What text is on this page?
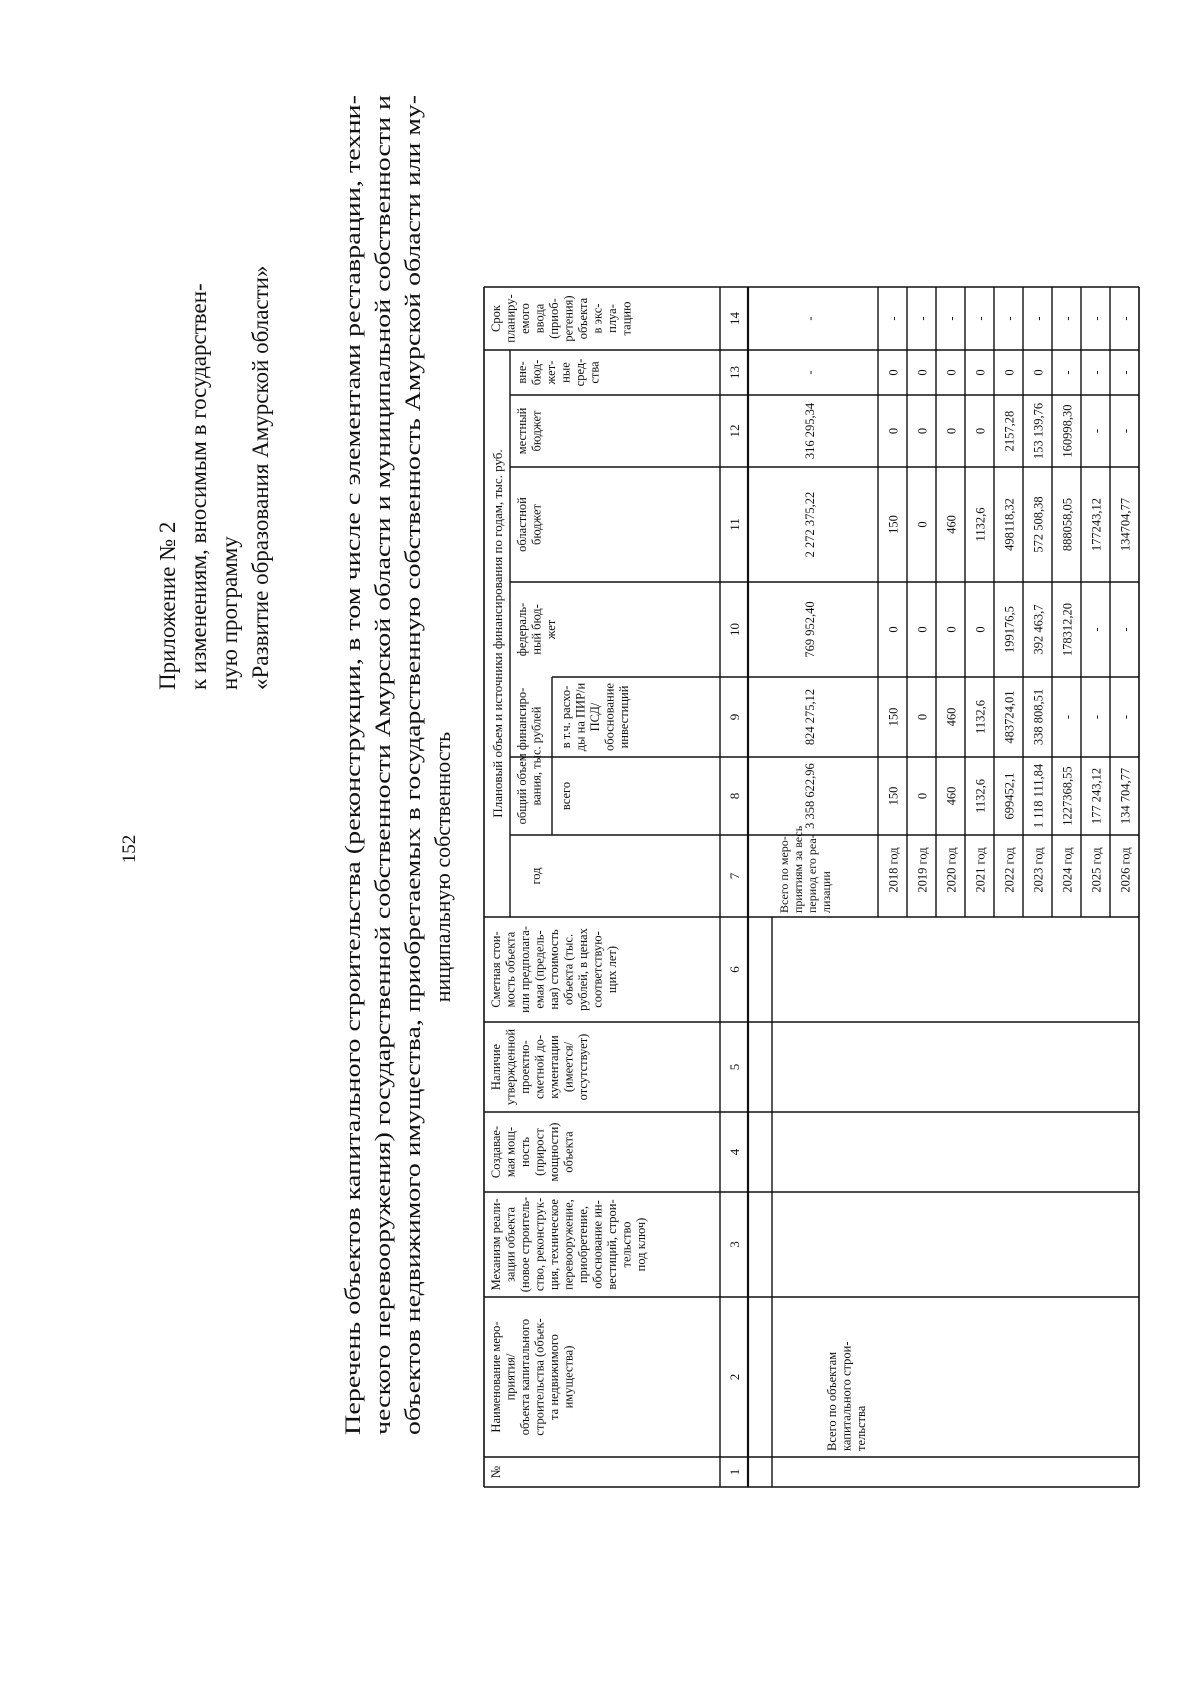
152
Приложение № 2 к изменениям, вносимым в государствен- ную программу «Развитие образования Амурской области»	Перечень объектов капитального строительства (реконструкции, в том числе с элементами реставрации, техни- ческого перевооружения) государственной собственности Амурской области и муниципальной собственности и объектов недвижимого имущества, приобретаемых в государственную собственность Амурской области или му- ниципальную собственность
№
Наименование меро-приятия/объекта капитальногостроительства (объек-та недвижимогоимущества)
Механизм реали-зации объекта(новое строитель-ство, реконструк-ция, техническоеперевооружение,приобретение,обоснование ин-вестиций, строи-тельствопод ключ)
Создавае-мая мощ-ность(приростмощности)объекта
Наличиеутвержденнойпроектно-сметной до-кументации(имеется/отсутствует)
Сметная стои-мость объектаили предполага-емая (предель-ная) стоимостьобъекта (тыс.рублей, в ценахсоответствую-щих лет)
Плановый объем и источники финансирования по годам, тыс. руб.
год
общий объем финансиро-вания, тыс. рублей всего
в т.ч. расхо-ды на ПИР/иПСД/обоснованиеинвестиций
федераль-ный бюд-жет
областнойбюджет
местныйбюджет
вне-бюд-жет-ныесред-ства
Срокпланиру-емоговвода(приоб-ретения)объектав экс-плуа-тацию
1
2
3
4
5
6
7
8
9
10
11
12
13
14
Всего по объектамкапитального строи-тельства
Всего по меро-приятиям за весьпериод его реа-лизации
3 358 622,96
824 275,12
769 952,40
2 272 375,22
316 295,34
-
-
2018 год
150
150
0
150
0
0
-
2019 год
0
0
0
0
0
0
-
2020 год
460
460
0
460
0
0
-
2021 год
1132,6
1132,6
0
1132,6
0
0
-
2022 год
699452,1
483724,01
199176,5
498118,32
2157,28
0
-
2023 год
1 118 111,84
338 808,51
392 463,7
572 508,38
153 139,76
0
-
2024 год
1227368,55
-
178312,20
888058,05
160998,30
-
-
2025 год
177 243,12
-
-
177243,12
-
-
-
2026 год
134 704,77
-
-
134704,77
-
-
-
